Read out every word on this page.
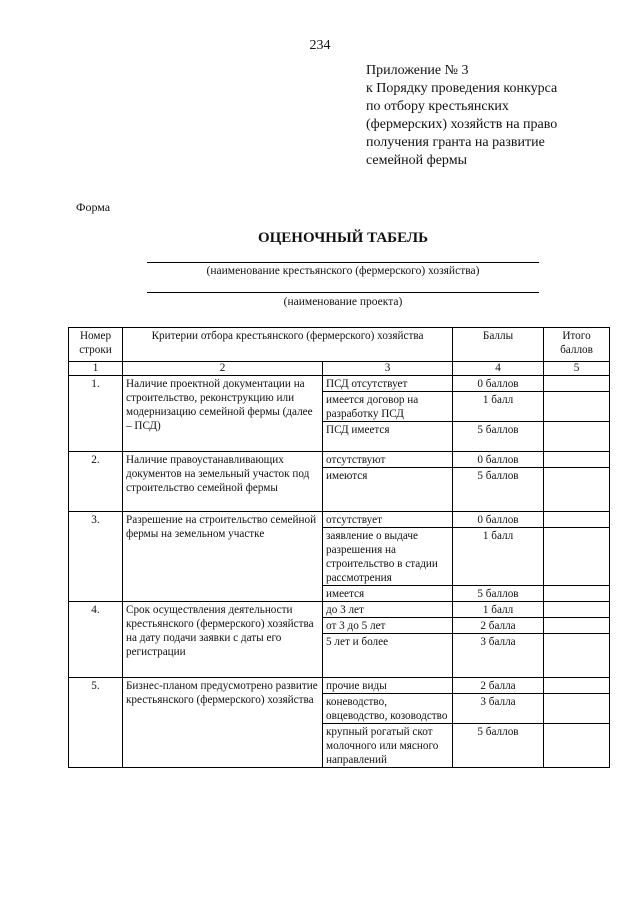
234
Приложение № 3
к Порядку проведения конкурса
по отбору крестьянских
(фермерских) хозяйств на право
получения гранта на развитие
семейной фермы
Форма
ОЦЕНОЧНЫЙ ТАБЕЛЬ
(наименование крестьянского (фермерского) хозяйства)
(наименование проекта)
Номер строки	Критерии отбора крестьянского (фермерского) хозяйства		Баллы	Итого баллов
1	2	3	4	5
1.	Наличие проектной документации на строительство, реконструкцию или модернизацию семейной фермы (далее – ПСД)	ПСД отсутствует	0 баллов	
		имеется договор на разработку ПСД	1 балл	
		ПСД имеется	5 баллов	
2.	Наличие правоустанавливающих документов на земельный участок под строительство семейной фермы	отсутствуют	0 баллов	
		имеются	5 баллов	
3.	Разрешение на строительство семейной фермы на земельном участке	отсутствует	0 баллов	
		заявление о выдаче разрешения на строительство в стадии рассмотрения	1 балл	
		имеется	5 баллов	
4.	Срок осуществления деятельности крестьянского (фермерского) хозяйства на дату подачи заявки с даты его регистрации	до 3 лет	1 балл	
		от 3 до 5 лет	2 балла	
		5 лет и более	3 балла	
5.	Бизнес-планом предусмотрено развитие крестьянского (фермерского) хозяйства	прочие виды	2 балла	
		коневодство, овцеводство, козоводство	3 балла	
		крупный рогатый скот молочного или мясного направлений	5 баллов	
